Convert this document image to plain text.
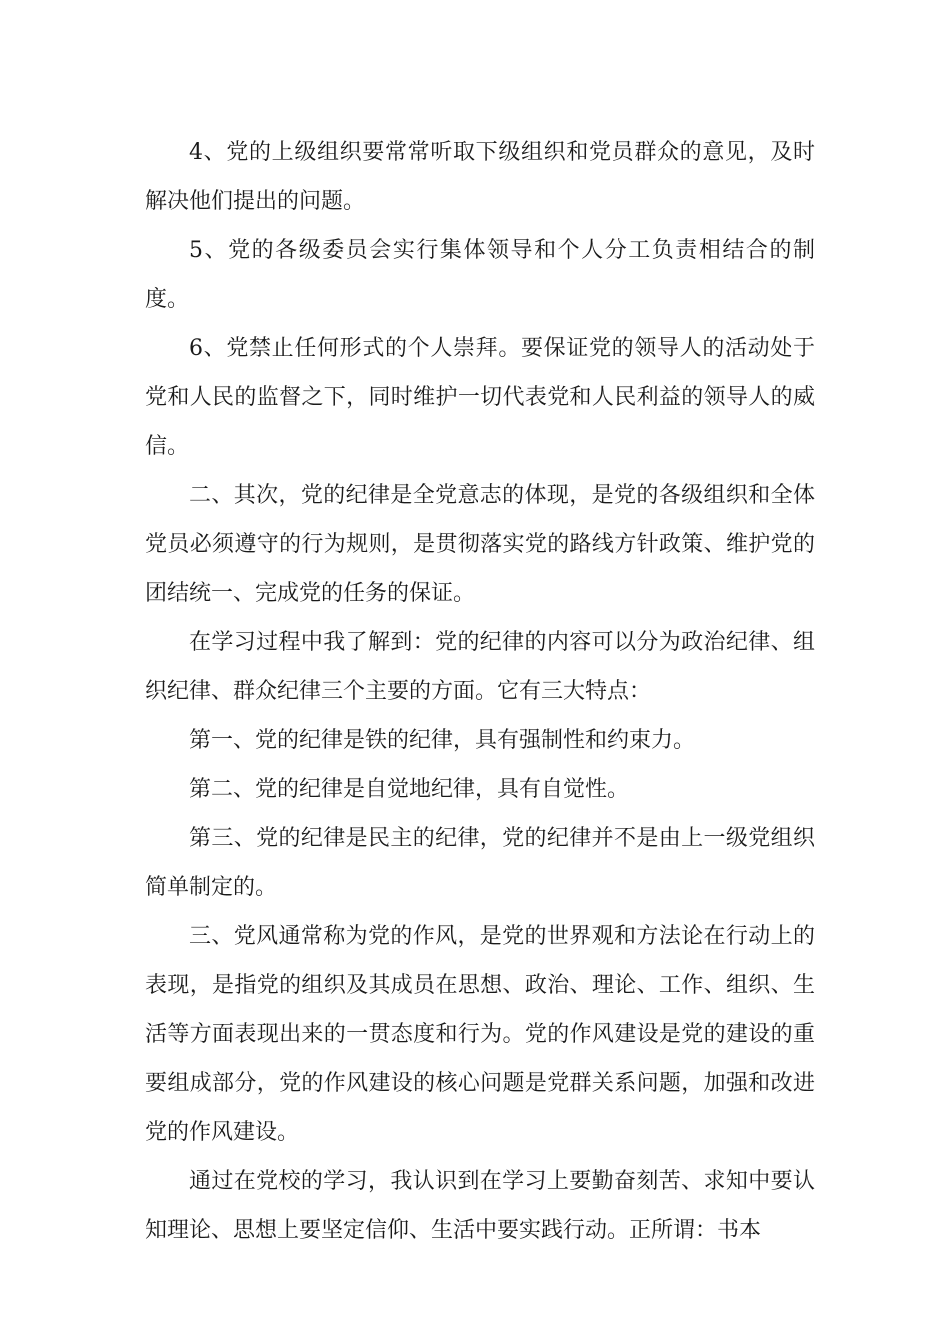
4、党的上级组织要常常听取下级组织和党员群众的意见，及时解决他们提出的问题。

5、党的各级委员会实行集体领导和个人分工负责相结合的制度。

6、党禁止任何形式的个人崇拜。要保证党的领导人的活动处于党和人民的监督之下，同时维护一切代表党和人民利益的领导人的威信。

二、其次，党的纪律是全党意志的体现，是党的各级组织和全体党员必须遵守的行为规则，是贯彻落实党的路线方针政策、维护党的团结统一、完成党的任务的保证。

在学习过程中我了解到：党的纪律的内容可以分为政治纪律、组织纪律、群众纪律三个主要的方面。它有三大特点：

第一、党的纪律是铁的纪律，具有强制性和约束力。

第二、党的纪律是自觉地纪律，具有自觉性。

第三、党的纪律是民主的纪律，党的纪律并不是由上一级党组织简单制定的。

三、党风通常称为党的作风，是党的世界观和方法论在行动上的表现，是指党的组织及其成员在思想、政治、理论、工作、组织、生活等方面表现出来的一贯态度和行为。党的作风建设是党的建设的重要组成部分，党的作风建设的核心问题是党群关系问题，加强和改进党的作风建设。

通过在党校的学习，我认识到在学习上要勤奋刻苦、求知中要认知理论、思想上要坚定信仰、生活中要实践行动。正所谓：书本
